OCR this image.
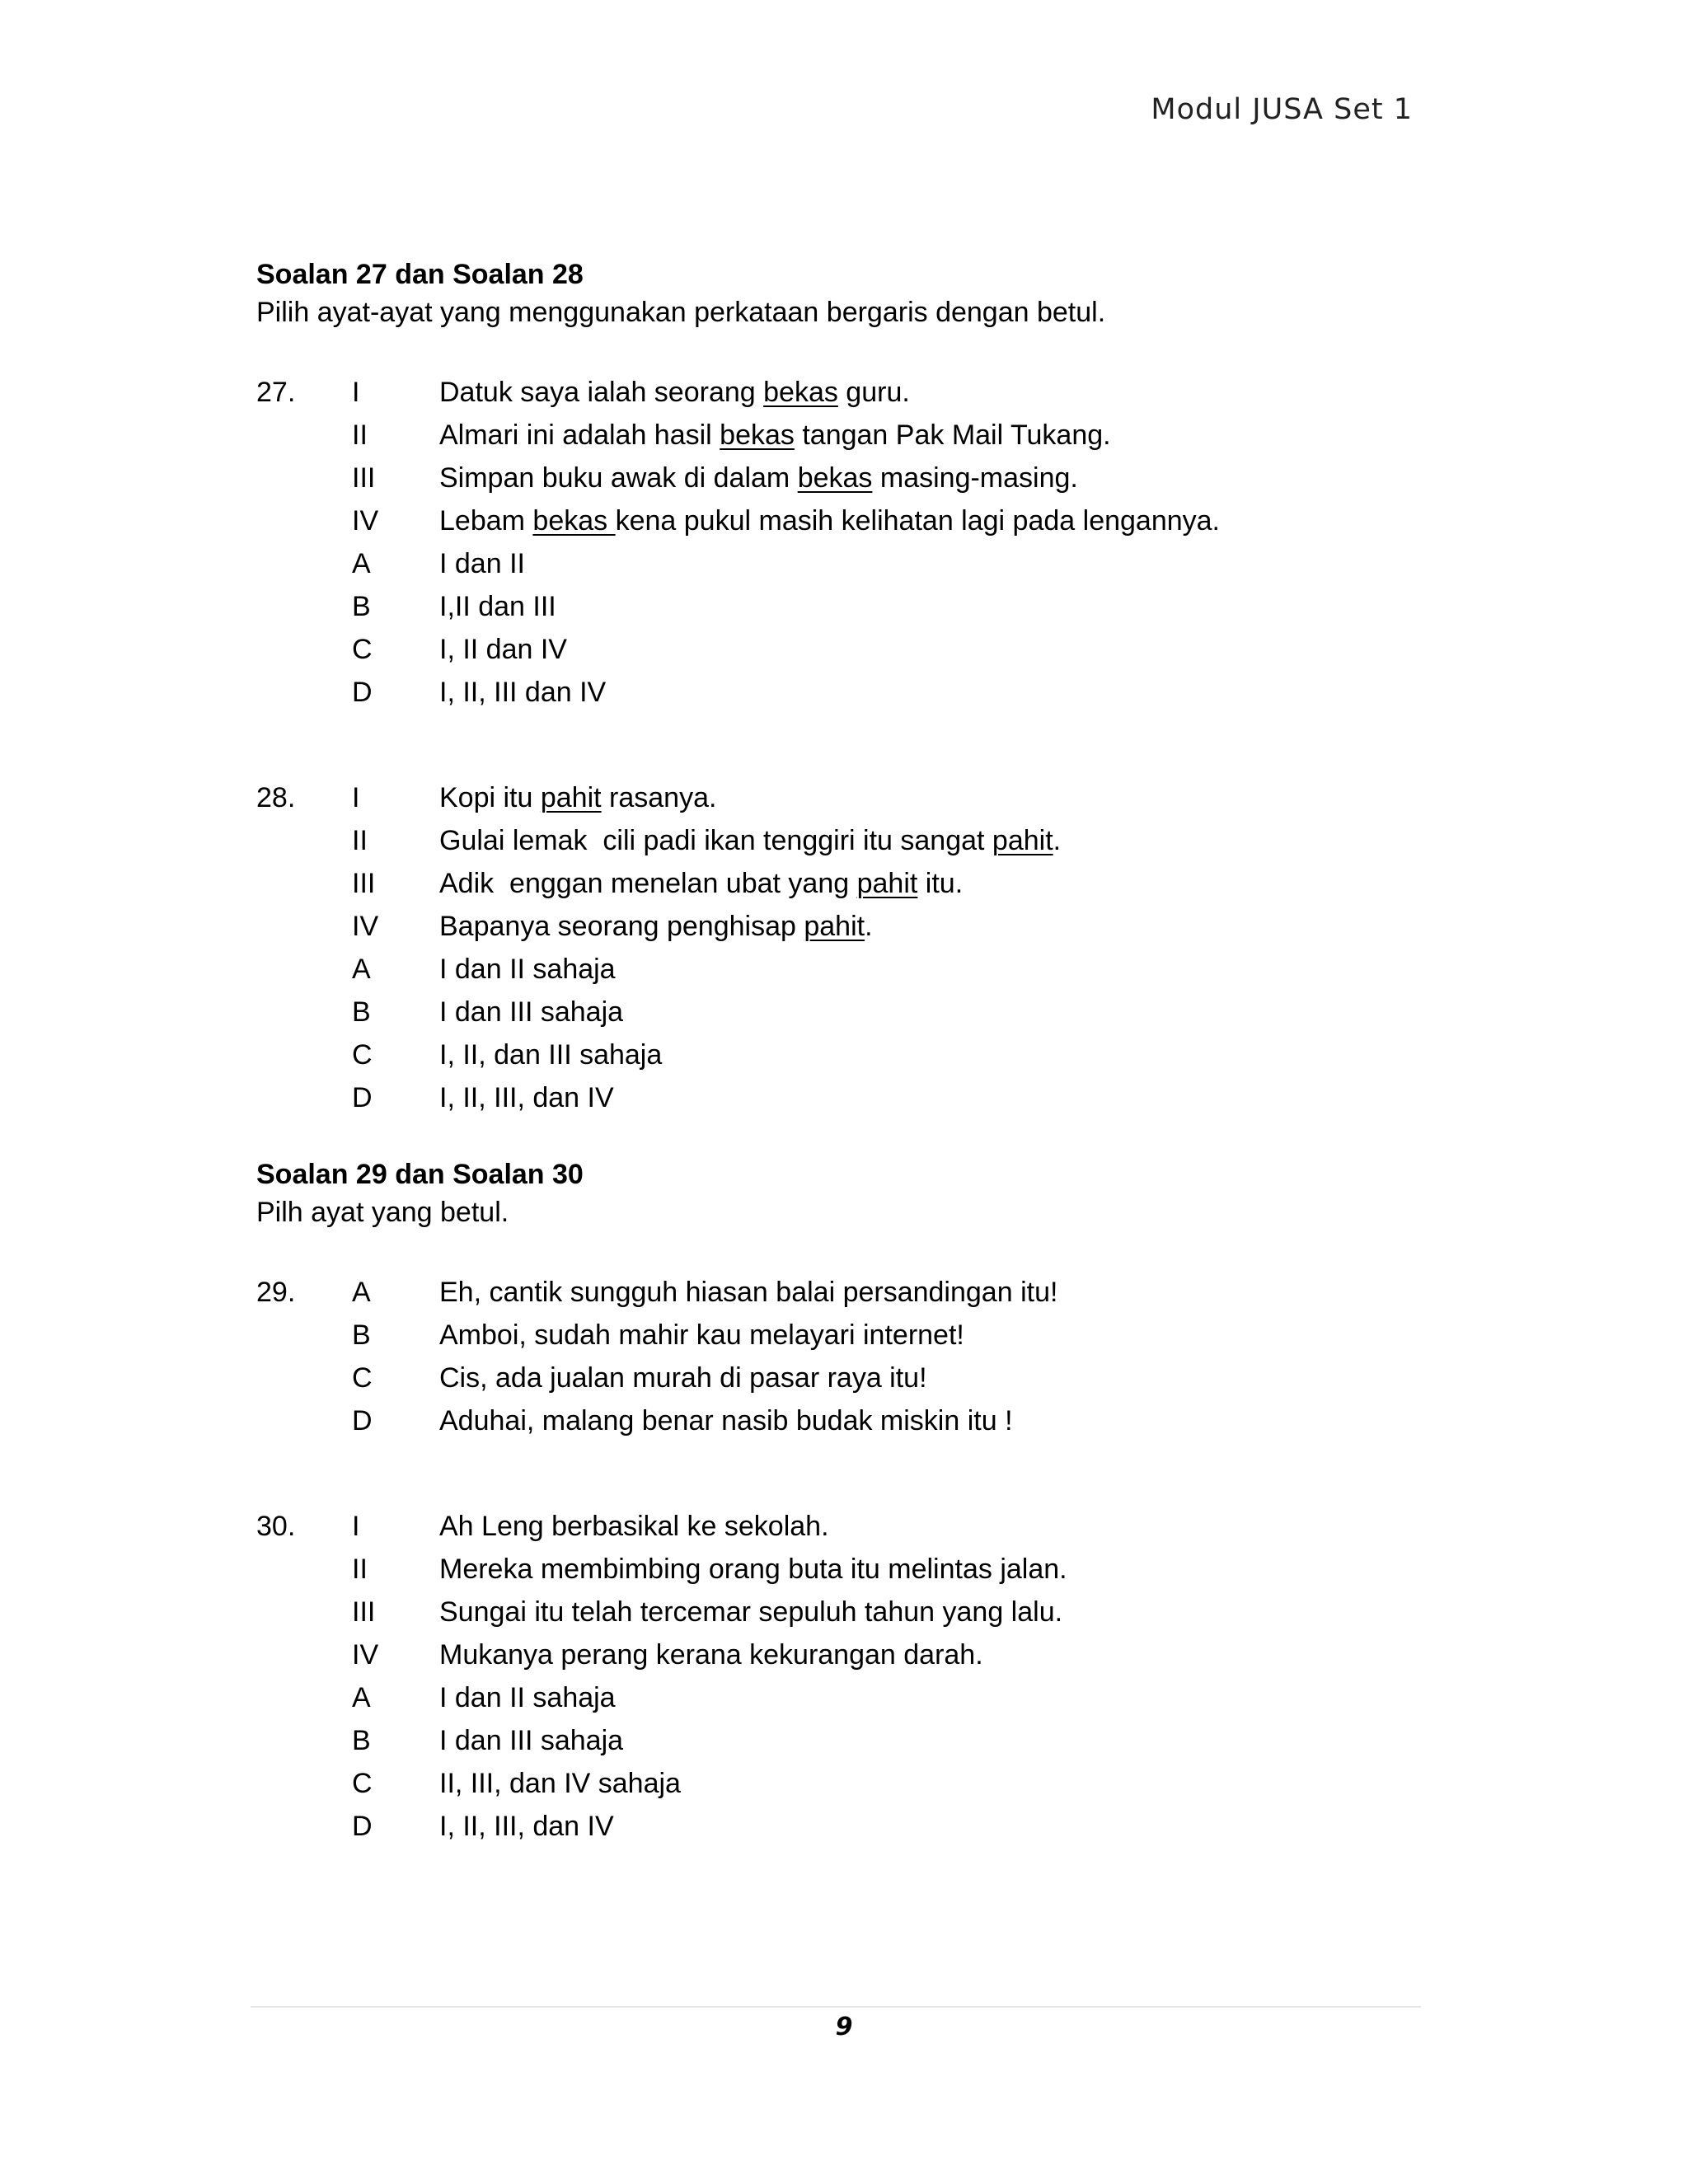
Modul JUSA Set 1
Soalan 27 dan Soalan 28
Pilih ayat-ayat yang menggunakan perkataan bergaris dengan betul.
27.	I	Datuk saya ialah seorang bekas guru.
II	Almari ini adalah hasil bekas tangan Pak Mail Tukang.
III	Simpan buku awak di dalam bekas masing-masing.
IV	Lebam bekas kena pukul masih kelihatan lagi pada lengannya.
A	I dan II
B	I,II dan III
C	I, II dan IV
D	I, II, III dan IV
28.	I	Kopi itu pahit rasanya.
II	Gulai lemak  cili padi ikan tenggiri itu sangat pahit.
III	Adik  enggan menelan ubat yang pahit itu.
IV	Bapanya seorang penghisap pahit.
A	I dan II sahaja
B	I dan III sahaja
C	I, II, dan III sahaja
D	I, II, III, dan IV
Soalan 29 dan Soalan 30
Pilh ayat yang betul.
29.	A	Eh, cantik sungguh hiasan balai persandingan itu!
B	Amboi, sudah mahir kau melayari internet!
C	Cis, ada jualan murah di pasar raya itu!
D	Aduhai, malang benar nasib budak miskin itu !
30.	I	Ah Leng berbasikal ke sekolah.
II	Mereka membimbing orang buta itu melintas jalan.
III	Sungai itu telah tercemar sepuluh tahun yang lalu.
IV	Mukanya perang kerana kekurangan darah.
A	I dan II sahaja
B	I dan III sahaja
C	II, III, dan IV sahaja
D	I, II, III, dan IV
9
